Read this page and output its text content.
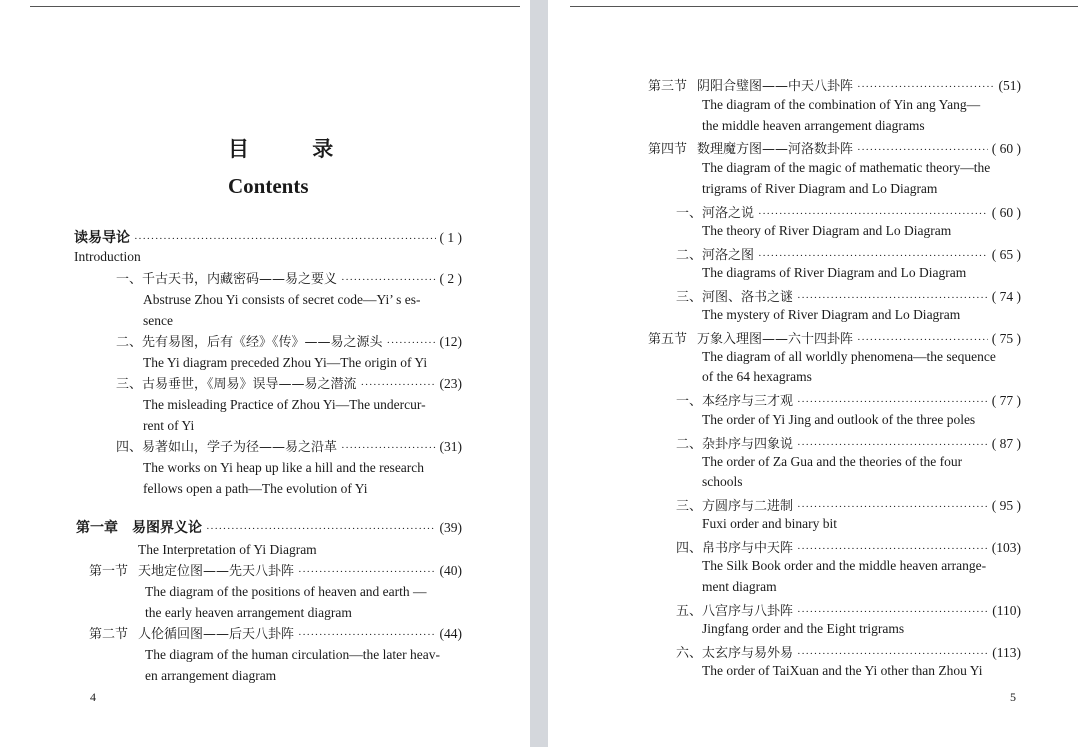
目 录
Contents
读易导论 ·····	( 1 )
Introduction
一、 千古天书，内藏密码——易之要义 ·····	( 2 )
Abstruse Zhou Yi consists of secret code—Yi’ s es-
sence
二、 先有易图，后有《经》《传》——易之源头 ·····	(12)
The Yi diagram preceded Zhou Yi—The origin of Yi
三、 古易垂世，《周易》误导——易之潜流 ·····	(23)
The misleading Practice of Zhou Yi—The undercur-
rent of Yi
四、 易著如山，学子为径——易之沿革 ·····	(31)
The works on Yi heap up like a hill and the research
fellows open a path—The evolution of Yi
第一章 易图界义论 ·····	(39)
The Interpretation of Yi Diagram
第一节 天地定位图——先天八卦阵 ·····	(40)
The diagram of the positions of heaven and earth —
the early heaven arrangement diagram
第二节 人伦循回图——后天八卦阵 ·····	(44)
The diagram of the human circulation—the later heav-
en arrangement diagram
4
第三节 阴阳合璧图——中天八卦阵 ·····	(51)
The diagram of the combination of Yin ang Yang—
the middle heaven arrangement diagrams
第四节 数理魔方图——河洛数卦阵 ·····	( 60 )
The diagram of the magic of mathematic theory—the
trigrams of River Diagram and Lo Diagram
一、 河洛之说 ·····	( 60 )
The theory of River Diagram and Lo Diagram
二、 河洛之图 ·····	( 65 )
The diagrams of River Diagram and Lo Diagram
三、 河图、洛书之谜 ·····	( 74 )
The mystery of River Diagram and Lo Diagram
第五节 万象入理图——六十四卦阵 ·····	( 75 )
The diagram of all worldly phenomena—the sequence
of the 64 hexagrams
一、 本经序与三才观 ·····	( 77 )
The order of Yi Jing and outlook of the three poles
二、 杂卦序与四象说 ·····	( 87 )
The order of Za Gua and the theories of the four
schools
三、 方圆序与二进制 ·····	( 95 )
Fuxi order and binary bit
四、 帛书序与中天阵 ·····	(103)
The Silk Book order and the middle heaven arrange-
ment diagram
五、 八宫序与八卦阵 ·····	(110)
Jingfang order and the Eight trigrams
六、 太玄序与易外易 ·····	(113)
The order of TaiXuan and the Yi other than Zhou Yi
5
